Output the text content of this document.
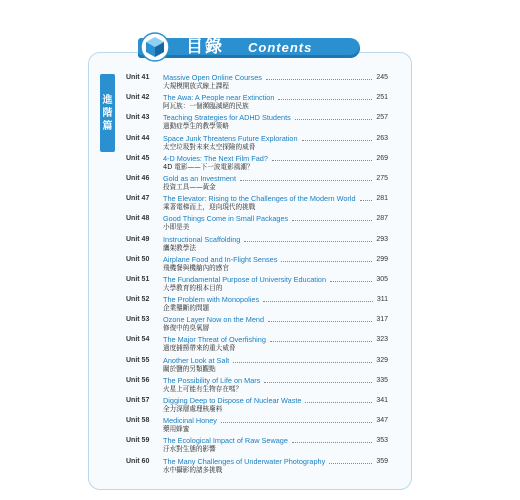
目錄 Contents
進
階
篇
Unit 41 Massive Open Online Courses	245
大規模開放式線上課程
Unit 42 The Awa: A People near Extinction	251
阿瓦族：一個瀕臨滅絕的民族
Unit 43 Teaching Strategies for ADHD Students	257
過動症學生的教學策略
Unit 44 Space Junk Threatens Future Exploration	263
太空垃圾對未來太空探險的威脅
Unit 45 4-D Movies: The Next Film Fad?	269
4D 電影——下一波電影風潮？
Unit 46 Gold as an Investment	275
投資工具——黃金
Unit 47 The Elevator: Rising to the Challenges of the Modern World	281
乘著電梯而上，迎向現代的挑戰
Unit 48 Good Things Come in Small Packages	287
小即是美
Unit 49 Instructional Scaffolding	293
鷹架教學法
Unit 50 Airplane Food and In-Flight Senses	299
飛機餐與機艙內的感官
Unit 51 The Fundamental Purpose of University Education	305
大學教育的根本目的
Unit 52 The Problem with Monopolies	311
企業壟斷的問題
Unit 53 Ozone Layer Now on the Mend	317
修復中的臭氧層
Unit 54 The Major Threat of Overfishing	323
過度捕撈帶來的重大威脅
Unit 55 Another Look at Salt	329
關於鹽的另類觀點
Unit 56 The Possibility of Life on Mars	335
火星上可能有生物存在嗎？
Unit 57 Digging Deep to Dispose of Nuclear Waste	341
全力深層處理核廢料
Unit 58 Medicinal Honey	347
藥用蜂蜜
Unit 59 The Ecological Impact of Raw Sewage	353
汙水對生態的影響
Unit 60 The Many Challenges of Underwater Photography	359
水中攝影的諸多挑戰
